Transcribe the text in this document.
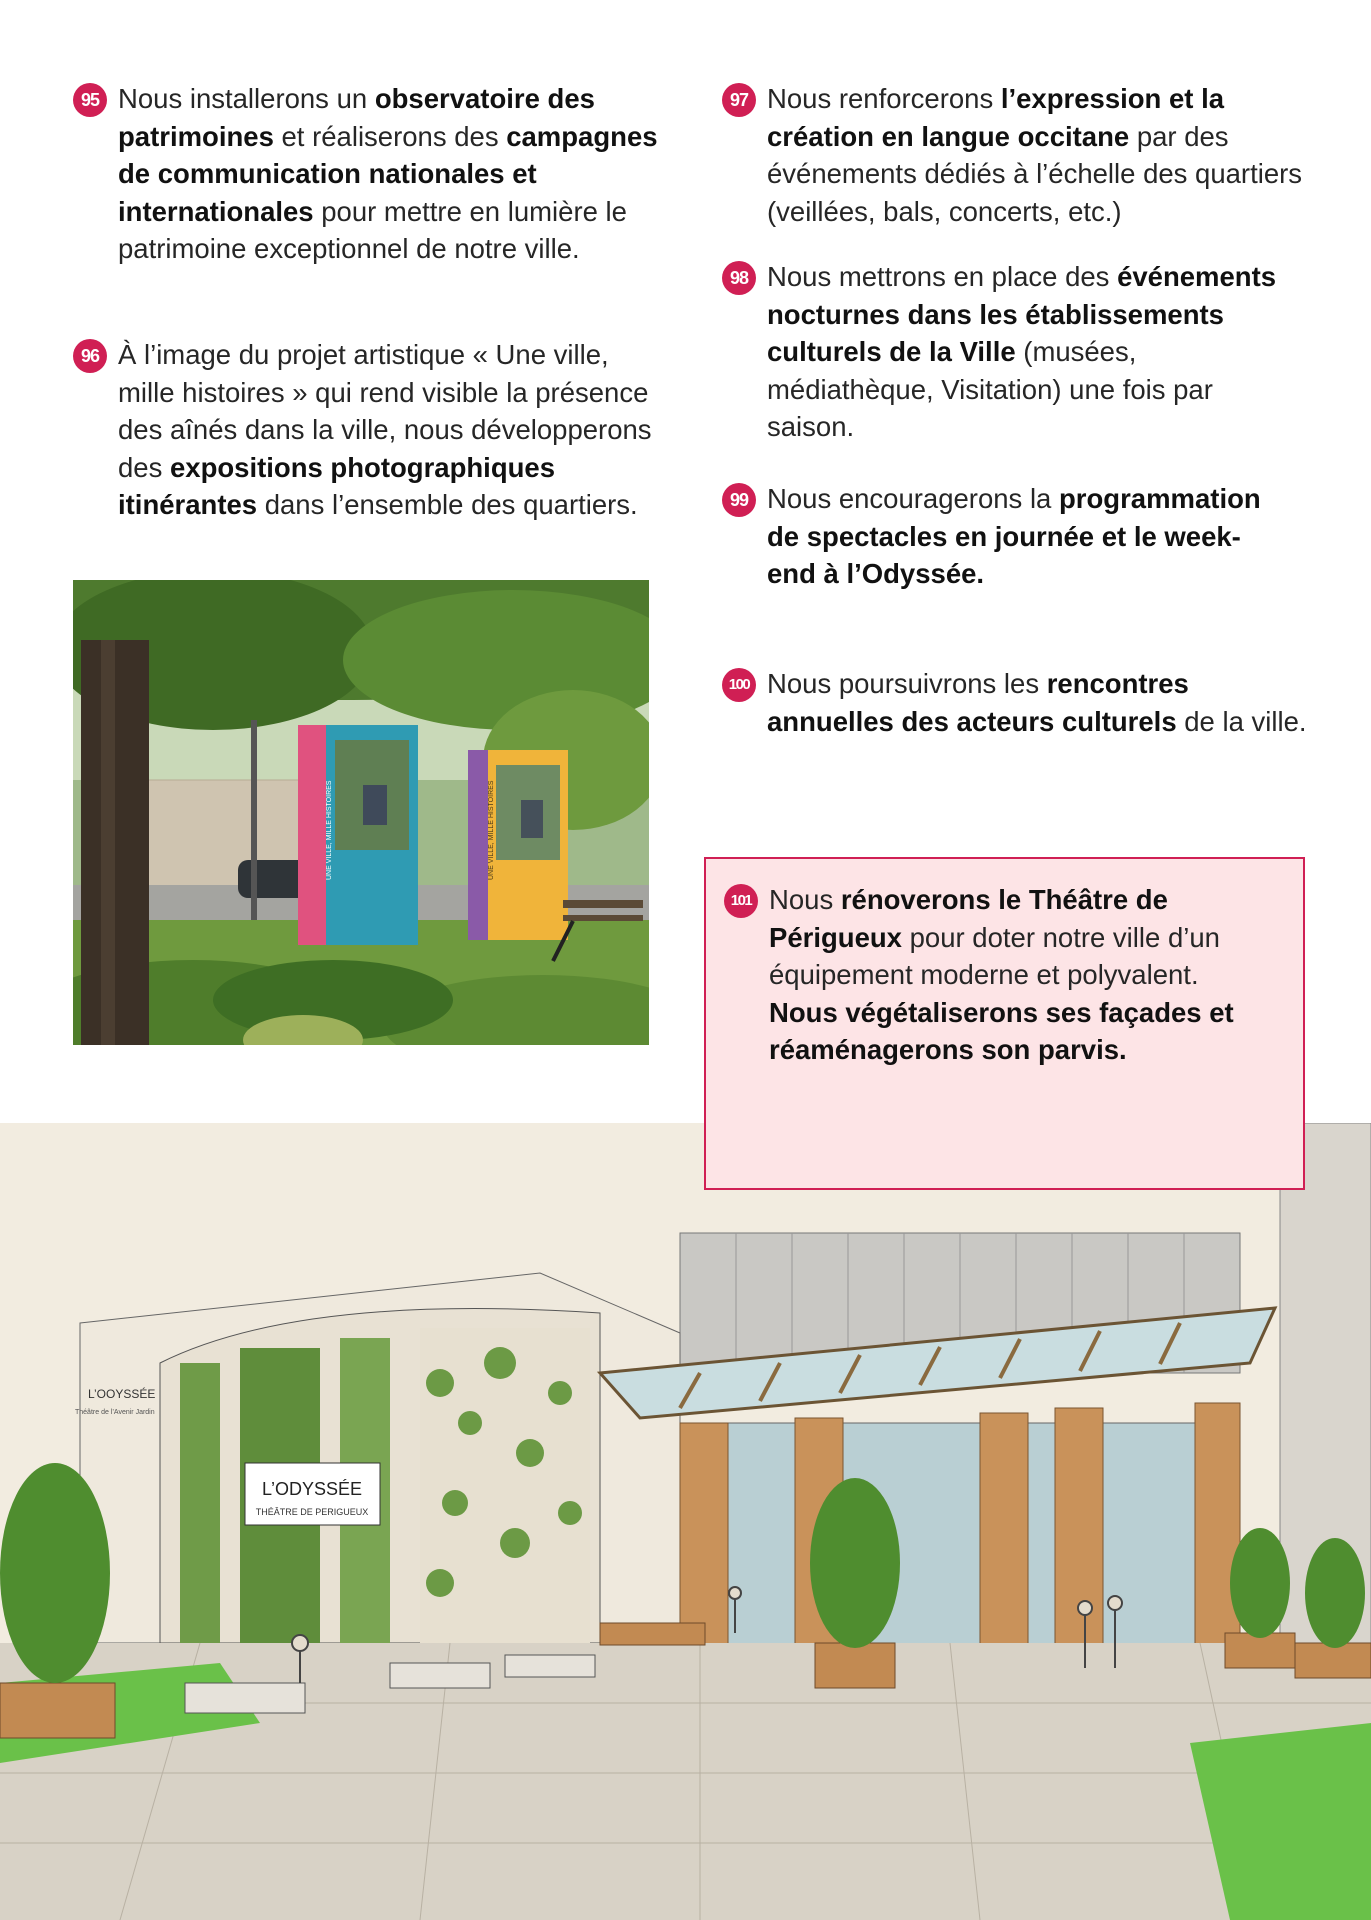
95 Nous installerons un observatoire des patrimoines et réaliserons des campagnes de communication nationales et internationales pour mettre en lumière le patrimoine exceptionnel de notre ville.
96 À l’image du projet artistique « Une ville, mille histoires » qui rend visible la présence des aînés dans la ville, nous développerons des expositions photographiques itinérantes dans l’ensemble des quartiers.
97 Nous renforcerons l’expression et la création en langue occitane par des événements dédiés à l’échelle des quartiers (veillées, bals, concerts, etc.)
98 Nous mettrons en place des événements nocturnes dans les établissements culturels de la Ville (musées, médiathèque, Visitation) une fois par saison.
99 Nous encouragerons la programmation de spectacles en journée et le week-end à l’Odyssée.
100 Nous poursuivrons les rencontres annuelles des acteurs culturels de la ville.
101 Nous rénoverons le Théâtre de Périgueux pour doter notre ville d’un équipement moderne et polyvalent. Nous végétaliserons ses façades et réaménagerons son parvis.
UNE VILLE, MILLE HISTOIRES	UNE VILLE, MILLE HISTOIRES
L’ODYSSÉE
THÉÂTRE DE PERIGUEUX
L’OOYSSÉE
Théâtre de l’Avenir Jardin
